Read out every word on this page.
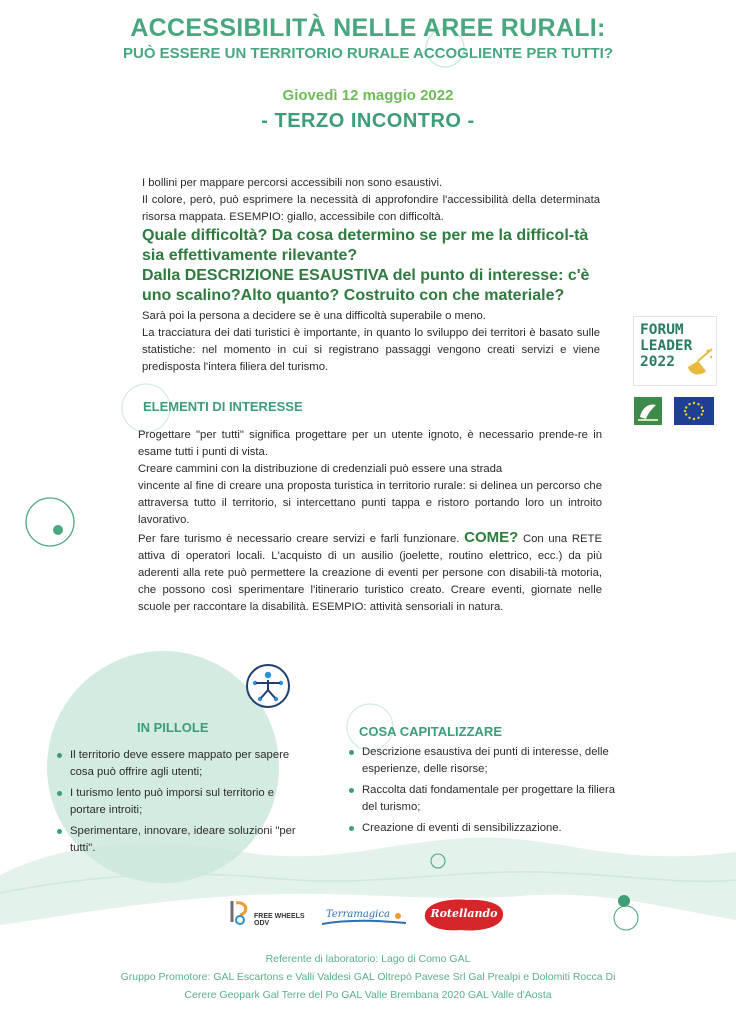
ACCESSIBILITÀ NELLE AREE RURALI:
PUÒ ESSERE UN TERRITORIO RURALE ACCOGLIENTE PER TUTTI?
Giovedì 12 maggio 2022
- TERZO INCONTRO -
I bollini per mappare percorsi accessibili non sono esaustivi.
Il colore, però, può esprimere la necessità di approfondire l'accessibilità della determinata risorsa mappata. ESEMPIO: giallo, accessibile con difficoltà.
Quale difficoltà? Da cosa determino se per me la difficol-tà sia effettivamente rilevante?
Dalla DESCRIZIONE ESAUSTIVA del punto di interesse: c'è uno scalino?Alto quanto? Costruito con che materiale?
Sarà poi la persona a decidere se è una difficoltà superabile o meno.
La tracciatura dei dati turistici è importante, in quanto lo sviluppo dei territori è basato sulle statistiche: nel momento in cui si registrano passaggi vengono creati servizi e viene predisposta l'intera filiera del turismo.
FORUM
LEADER
2022
ELEMENTI DI INTERESSE
Progettare "per tutti" significa progettare per un utente ignoto, è necessario prende-re in esame tutti i punti di vista.
Creare cammini con la distribuzione di credenziali può essere una strada
vincente al fine di creare una proposta turistica in territorio rurale: si delinea un percorso che attraversa tutto il territorio, si intercettano punti tappa e ristoro portando loro un introito lavorativo.
Per fare turismo è necessario creare servizi e farli funzionare. COME? Con una RETE attiva di operatori locali. L'acquisto di un ausilio (joelette, routino elettrico, ecc.) da più aderenti alla rete può permettere la creazione di eventi per persone con disabili-tà motoria, che possono così sperimentare l'itinerario turistico creato. Creare eventi, giornate nelle scuole per raccontare la disabilità. ESEMPIO: attività sensoriali in natura.
IN PILLOLE
Il territorio deve essere mappato per sapere cosa può offrire agli utenti;
I turismo lento può imporsi sul territorio e portare introiti;
Sperimentare, innovare, ideare soluzioni "per tutti".
COSA CAPITALIZZARE
Descrizione esaustiva dei punti di interesse, delle esperienze, delle risorse;
Raccolta dati fondamentale per progettare la filiera del turismo;
Creazione di eventi di sensibilizzazione.
FREE WHEELS
ODV
Terramagica	Rotellando
Referente di laboratorio: Lago di Como GAL
Gruppo Promotore: GAL Escartons e Valli Valdesi GAL Oltrepò Pavese Srl Gal Prealpi e Dolomiti Rocca Di
Cerere Geopark Gal Terre del Po GAL Valle Brembana 2020 GAL Valle d'Aosta
